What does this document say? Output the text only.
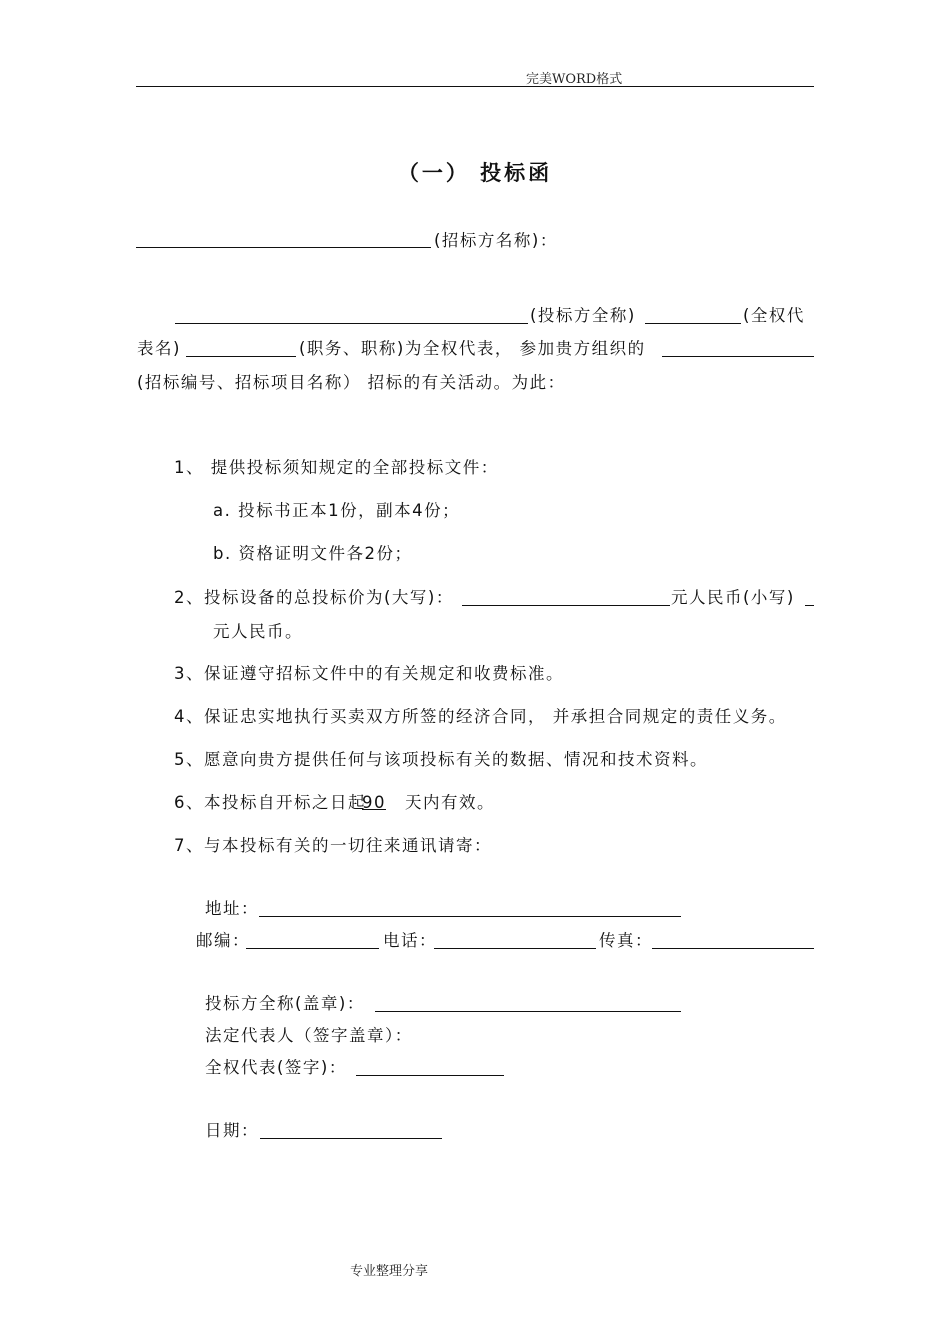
完美WORD格式
（一） 投标函
(招标方名称)：
(投标方全称)	(全权代
表名)	(职务、职称)为全权代表， 参加贵方组织的
(招标编号、招标项目名称） 招标的有关活动。为此：
1、 提供投标须知规定的全部投标文件：
a. 投标书正本1份，副本4份；
b. 资格证明文件各2份；
2、投标设备的总投标价为(大写)：	元人民币(小写)
元人民币。
3、保证遵守招标文件中的有关规定和收费标准。
4、保证忠实地执行买卖双方所签的经济合同， 并承担合同规定的责任义务。
5、愿意向贵方提供任何与该项投标有关的数据、情况和技术资料。
6、本投标自开标之日起
90 天内有效。
7、与本投标有关的一切往来通讯请寄：
地址：
邮编：	电话：	传真：
投标方全称(盖章)：
法定代表人（签字盖章）：
全权代表(签字)：
日期：
专业整理分享
